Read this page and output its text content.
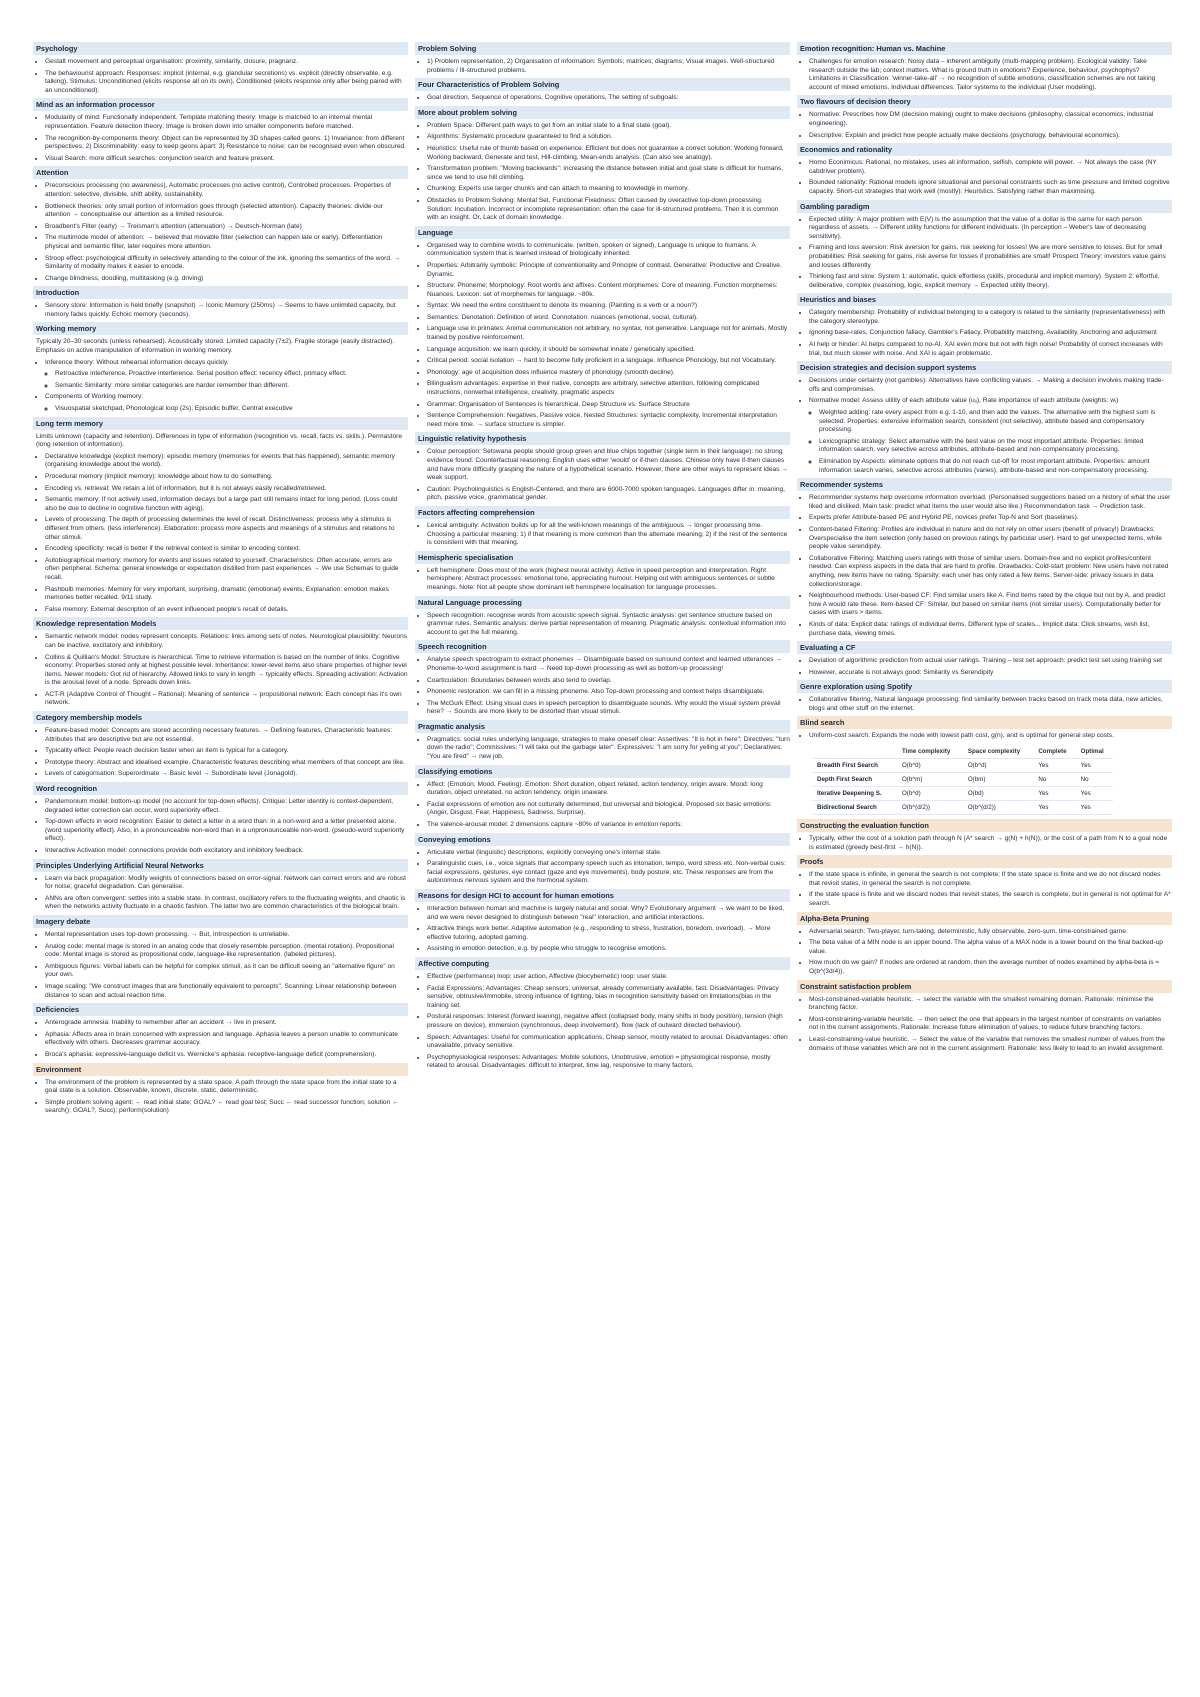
Psychology
• Gestalt movement and perceptual organisation: proximity, similarity, closure, pragnanz.
• The behaviourist approach: Responses: implicit (internal, e.g. glandular secretions) vs. explicit (directly observable, e.g. talking). Stimulus: Unconditioned (elicits response all on its own), Conditioned (elicits response only after being paired with an unconditioned).
Mind as an information processor
• Modularity of mind: Functionally independent. Template matching theory: Image is matched to an internal mental representation. Feature detection theory: Image is broken down into smaller components before matched.
• The recognition-by-components theory: Object can be represented by 3D shapes called geons. 1) Invariance: from different perspectives; 2) Discriminability: easy to keep geons apart; 3) Resistance to noise: can be recognised even when obscured.
• Visual Search: more difficult searches: conjunction search and feature present.
Attention
• Preconscious processing (no awareness), Automatic processes (no active control), Controlled processes. Properties of attention: selective, divisible, shift ability, sustainability.
• Bottleneck theories: only small portion of information goes through (selected attention). Capacity theories: divide our attention → conceptualise our attention as a limited resource.
• Broadbent's Filter (early) → Treisman's attention (attenuation) → Deutsch-Norman (late)
• The multimode model of attention: → believed that movable filter (selection can happen late or early). Differentiation physical and semantic filter, later requires more attention.
• Stroop effect: psychological difficulty in selectively attending to the colour of the ink, ignoring the semantics of the word. → Similarity of modality makes it easier to encode.
• Change blindness, doodling, multitasking (e.g. driving)
Introduction
• Sensory store: Information is held briefly (snapshot) → Iconic Memory (250ms) → Seems to have unlimited capacity, but memory fades quickly. Echoic memory (seconds).
Working memory
Typically 20–30 seconds (unless rehearsed). Acoustically stored. Limited capacity (7±2). Fragile storage (easily distracted). Emphasis on active manipulation of information in working memory.
• Inference theory: Without rehearsal information decays quickly.
◦ Retroactive interference, Proactive interference. Serial position effect: recency effect, primacy effect.
◦ Semantic Similarity: more similar categories are harder remember than different.
• Components of Working memory:
◦ Visuospatial sketchpad, Phonological loop (2s), Episodic buffer, Central executive
Long term memory
Limits unknown (capacity and retention). Differences in type of information (recognition vs. recall, facts vs. skills.). Permastore (long retention of information).
• Declarative knowledge (explicit memory): episodic memory (memories for events that has happened), semantic memory (organising knowledge about the world).
• Procedural memory (implicit memory): knowledge about how to do something.
• Encoding vs. retrieval: We retain a lot of information, but it is not always easily recalled/retrieved.
• Semantic memory: If not actively used, information decays but a large part still remains intact for long period. (Loss could also be due to decline in cognitive function with aging).
• Levels of processing: The depth of processing determines the level of recall. Distinctiveness: process why a stimulus is different from others. (less interference). Elaboration: process more aspects and meanings of a stimulus and relations to other stimuli.
• Encoding specificity: recall is better if the retrieval context is similar to encoding context.
• Autobiographical memory: memory for events and issues related to yourself. Characteristics: Often accurate, errors are often peripheral. Schema: general knowledge or expectation distilled from past experiences → We use Schemas to guide recall.
• Flashbulb memories: Memory for very important, surprising, dramatic (emotional) events. Explanation: emotion makes memories better recalled. 9/11 study.
• False memory: External description of an event influenced people's recall of details.
Knowledge representation Models
• Semantic network model: nodes represent concepts. Relations: links among sets of notes. Neurological plausibility: Neurons can be inactive, excitatory and inhibitory.
• Collins & Quillian's Model: Structure is hierarchical. Time to retrieve information is based on the number of links. Cognitive economy: Properties stored only at highest possible level. Inheritance: lower-level items also share properties of higher level items. Newer models: Got rid of hierarchy. Allowed links to vary in length → typicality effects. Spreading activation: Activation is the arousal level of a node. Spreads down links.
• ACT-R (Adaptive Control of Thought – Rational): Meaning of sentence → propositional network. Each concept has it's own network.
Category membership models
• Feature-based model: Concepts are stored according necessary features. → Defining features, Characteristic features: Attributes that are descriptive but are not essential.
• Typicality effect: People reach decision faster when an item is typical for a category.
• Prototype theory: Abstract and idealised example. Characteristic features describing what members of that concept are like.
• Levels of categorisation: Superordinate → Basic level → Subordinate level (Jonagold).
Word recognition
• Pandemonium model: bottom-up model (no account for top-down effects). Critique: Letter identity is context-dependent, degraded letter correction can occur, word superiority effect.
• Top-down effects in word recognition: Easier to detect a letter in a word than: in a non-word and a letter presented alone. (word superiority effect). Also, in a pronounceable non-word than in a unpronounceable non-word. (pseudo-word superiority effect).
• Interactive Activation model: connections provide both excitatory and inhibitory feedback.
Principles Underlying Artificial Neural Networks
• Learn via back propagation: Modify weights of connections based on error-signal. Network can correct errors and are robust for noise; graceful degradation. Can generalise.
• ANNs are often convergent: settles into a stable state. In contrast, oscillatory refers to the fluctuating weights, and chaotic is when the networks activity fluctuate in a chaotic fashion. The latter two are common characteristics of the biological brain.
Imagery debate
• Mental representation uses top-down processing. → But, Introspection is unreliable.
• Analog code: mental mage is stored in an analog code that closely resemble perception. (mental rotation). Propositional code: Mental image is stored as propositional code, language-like representation. (labeled pictures).
• Ambiguous figures: Verbal labels can be helpful for complex stimuli, as it can be difficult seeing an "alternative figure" on your own.
• Image scaling: "We construct images that are functionally equivalent to percepts". Scanning: Linear relationship between distance to scan and actual reaction time.
Deficiencies
• Anterograde amnesia: Inability to remember after an accident → live in present.
• Aphasia: Affects area in brain concerned with expression and language. Aphasia leaves a person unable to communicate effectively with others. Decreases grammar accuracy.
• Broca's aphasia: expressive-language deficit vs. Wernicke's aphasia: receptive-language deficit (comprehension).
Environment
• The environment of the problem is represented by a state space. A path through the state space from the initial state to a goal state is a solution. Observable, known, discrete, static, deterministic.
• Simple problem solving agent: ← read initial state; GOAL? ← read goal test; Succ ← read successor function; solution ← search(); GOAL?, Succ); perform(solution)
Problem Solving
• 1) Problem representation, 2) Organisation of information: Symbols; matrices; diagrams; Visual images. Well-structured problems / Ill-structured problems.
Four Characteristics of Problem Solving
• Goal direction, Sequence of operations, Cognitive operations, The setting of subgoals:
More about problem solving
• Problem Space: Different path ways to get from an initial state to a final state (goal).
• Algorithms: Systematic procedure guaranteed to find a solution.
• Heuristics: Useful rule of thumb based on experience. Efficient but does not guarantee a correct solution: Working forward, Working backward, Generate and test, Hill-climbing, Mean-ends analysis. (Can also see analogy).
• Transformation problem: "Moving backwards": increasing the distance between initial and goal state is difficult for humans, since we tend to use hill climbing.
• Chunking: Experts use larger chunks and can attach to meaning to knowledge in memory.
• Obstacles to Problem Solving: Mental Set, Functional Fixedness: Often caused by overactive top-down processing. Solution: Incubation. Incorrect or incomplete representation: often the case for ill-structured problems. Then it is common with an insight. Or, Lack of domain knowledge.
Language
• Organised way to combine words to communicate. (written, spoken or signed), Language is unique to humans. A communication system that is learned instead of biologically inherited.
• Properties: Arbitrarily symbolic: Principle of conventionality and Principle of contrast. Generative: Productive and Creative. Dynamic.
• Structure: Phoneme; Morphology: Root words and affixes. Content morphemes: Core of meaning. Function morphemes: Nuances. Lexicon: set of morphemes for language. ~80k.
• Syntax: We need the entire constituent to denote its meaning. (Painting is a verb or a noun?)
• Semantics: Denotation: Definition of word. Connotation: nuances (emotional, social, cultural).
• Language use in primates: Animal communication not arbitrary, no syntax, not generative. Language not for animals. Mostly trained by positive reinforcement.
• Language acquisition: we learn quickly, it should be somewhat innate / genetically specified.
• Critical period: social isolation → hard to become fully proficient in a language. Influence Phonology, but not Vocabulary.
• Phonology: age of acquisition does influence mastery of phonology (smooth decline).
• Bilingualism advantages: expertise in their native, concepts are arbitrary, selective attention, following complicated instructions, nonverbal intelligence, creativity, pragmatic aspects
• Grammar: Organisation of Sentences is hierarchical. Deep Structure vs. Surface Structure
• Sentence Comprehension: Negatives, Passive voice, Nested Structures: syntactic complexity, Incremental interpretation need more time. → surface structure is simpler.
Linguistic relativity hypothesis
• Colour perception: Setswana people should group green and blue chips together (single term in their language): no strong evidence found. Counterfactual reasoning: English uses either 'would' or if-then clauses. Chinese only have if-then clauses and have more difficulty grasping the nature of a hypothetical scenario. However, there are other ways to represent ideas → weak support.
• Caution: Psycholinguistics is English-Centered, and there are 6000-7000 spoken languages. Languages differ in: meaning, pitch, passive voice, grammatical gender.
Factors affecting comprehension
• Lexical ambiguity: Activation builds up for all the well-known meanings of the ambiguous → longer processing time. Choosing a particular meaning: 1) if that meaning is more common than the alternate meaning; 2) if the rest of the sentence is consistent with that meaning.
Hemispheric specialisation
• Left hemisphere: Does most of the work (highest neural activity). Active in speed perception and interpretation. Right hemisphere: Abstract processes: emotional tone, appreciating humour. Helping out with ambiguous sentences or subtle meanings. Note: Not all people show dominant left hemisphere localisation for language processes.
Natural Language processing
• Speech recognition: recognise words from acoustic speech signal. Syntactic analysis: get sentence structure based on grammar rules. Semantic analysis: derive partial representation of meaning. Pragmatic analysis: contextual information into account to get the full meaning.
Speech recognition
• Analyse speech spectrogram to extract phonemes → Disambiguate based on surround context and learned utterances → Phoneme-to-word assignment is hard → Need top-down processing as well as bottom-up processing!
• Coarticulation: Boundaries between words also tend to overlap.
• Phonemic restoration: we can fill in a missing phoneme. Also Top-down processing and context helps disambiguate.
• The McGurk Effect: Using visual cues in speech perception to disambiguate sounds. Why would the visual system prevail here? → Sounds are more likely to be distorted than visual stimuli.
Pragmatic analysis
• Pragmatics: social rules underlying language, strategies to make oneself clear: Assertives: "It is hot in here"; Directives: "turn down the radio"; Commissives: "I will take out the garbage later". Expressives: "I am sorry for yelling at you"; Declaratives: "You are fired" → new job.
Classifying emotions
• Affect: (Emotion, Mood, Feeling). Emotion: Short duration, object related, action tendency, origin aware. Mood: long duration, object unrelated, no action tendency, origin unaware.
• Facial expressions of emotion are not culturally determined, but universal and biological. Proposed six basic emotions: (Anger, Disgust, Fear, Happiness, Sadness, Surprise).
• The valence-arousal model: 2 dimensions capture ~80% of variance in emotion reports:
Conveying emotions
• Articulate verbal (linguistic) descriptions, explicitly conveying one's internal state.
• Paralinguistic cues, i.e., voice signals that accompany speech such as intonation, tempo, word stress etc. Non-verbal cues: facial expressions, gestures, eye contact (gaze and eye movements), body posture, etc. These responses are from the autonomous nervous system and the hormonal system.
Reasons for design HCI to account for human emotions
• Interaction between human and machine is largely natural and social. Why? Evolutionary argument → we want to be liked, and we were never designed to distinguish between "real" interaction, and artificial interactions.
• Attractive things work better. Adaptive automation (e.g., responding to stress, frustration, boredom, overload). → More effective tutoring, adopted gaming.
• Assisting in emotion detection, e.g. by people who struggle to recognise emotions.
Affective computing
• Effective (performance) loop: user action, Affective (biocybernetic) loop: user state.
• Facial Expressions: Advantages: Cheap sensors, universal, already commercially available, fast. Disadvantages: Privacy sensitive, obtrusive/immobile, strong influence of lighting, bias in recognition sensitivity based on limitations(bias in the training set.
• Postural responses: Interest (forward leaning), negative affect (collapsed body, many shifts in body position), tension (high pressure on device), immersion (synchronous, deep involvement), flow (lack of outward directed behaviour).
• Speech: Advantages: Useful for communication applications, Cheap sensor, mostly related to arousal. Disadvantages: often unavailable, privacy sensitive.
• Psychophysiological responses: Advantages: Mobile solutions, Unobtrusive, emotion = physiological response, mostly related to arousal. Disadvantages: difficult to interpret, time lag, responsive to many factors.
Emotion recognition: Human vs. Machine
• Challenges for emotion research: Noisy data – inherent ambiguity (multi-mapping problem). Ecological validity: Take research outside the lab; context matters. What is ground truth in emotions? Experience, behaviour, psychophys? Limitations in Classification: 'winner-take-all' → no recognition of subtle emotions, classification schemes are not taking account of mixed emotions. Individual differences: Tailor systems to the individual (User modeling).
Two flavours of decision theory
• Normative: Prescribes how DM (decision making) ought to make decisions (philosophy, classical economics, industrial engineering).
• Descriptive: Explain and predict how people actually make decisions (psychology, behavioural economics).
Economics and rationality
• Homo Econimicus: Rational, no mistakes, uses all information, selfish, complete will power. → Not always the case (NY cabdriver problem).
• Bounded rationality: Rational models ignore situational and personal constraints such as time pressure and limited cognitive capacity. Short-cut strategies that work well (mostly): Heuristics. Satisfying rather than maximising.
Gambling paradigm
• Expected utility: A major problem with E(V) is the assumption that the value of a dollar is the same for each person regardless of assets. → Different utility functions for different individuals. (In perception – Weber's law of decreasing sensitivity).
• Framing and loss aversion: Risk aversion for gains, risk seeking for losses! We are more sensitive to losses. But for small probabilities: Risk seeking for gains, risk averse for losses if probabilities are small! Prospect Theory: investors value gains and losses differently
• Thinking fast and slow: System 1: automatic, quick effortless (skills, procedural and implicit memory). System 2: effortful, deliberative, complex (reasoning, logic, explicit memory → Expected utility theory).
Heuristics and biases
• Category membership: Probability of individual belonging to a category is related to the similarity (representativeness) with the category stereotype.
• Ignoring base-rates, Conjunction fallacy, Gambler's Fallacy, Probability matching, Availability, Anchoring and adjustment
• AI help or hinder: AI helps compared to no-AI. XAI even more but not with high noise! Probability of correct increases with trial, but much slower with noise. And XAI is again problematic.
Decision strategies and decision support systems
• Decisions under certainty (not gambles): Alternatives have conflicting values. → Making a decision involves making trade-offs and compromises.
• Normative model: Assess utility of each attribute value (uᵢⱼ), Rate importance of each attribute (weights: wⱼ)
◦ Weighted adding: rate every aspect from e.g. 1-10, and then add the values. The alternative with the highest sum is selected. Properties: extensive information search, consistent (not selective), attribute based and compensatory processing.
◦ Lexicographic strategy: Select alternative with the best value on the most important attribute. Properties: limited information search, very selective across attributes, attribute-based and non-compensatory processing.
◦ Elimination by Aspects: eliminate options that do not reach cut-off for most important attribute. Properties: amount information search varies, selective across attributes (varies), attribute-based and non-compensatory processing.
Recommender systems
• Recommender systems help overcome information overload. (Personalised suggestions based on a history of what the user liked and disliked, Main task: predict what items the user would also like.) Recommendation task → Prediction task.
• Experts prefer Attribute-based PE and Hybrid PE, novices prefer Top-N and Sort (baselines).
• Content-based Filtering: Profiles are individual in nature and do not rely on other users (benefit of privacy!) Drawbacks: Overspecialise the item selection (only based on previous ratings by particular user). Hard to get unexpected items, while people value serendipity.
• Collaborative Filtering: Matching users ratings with those of similar users. Domain-free and no explicit profiles/content needed. Can express aspects in the data that are hard to profile. Drawbacks: Cold-start problem: New users have not rated anything, new items have no rating. Sparsity: each user has only rated a few items. Server-side: privacy issues in data collection/storage.
• Neighbourhood methods: User-based CF: Find similar users like A. Find items rated by the clique but not by A, and predict how A would rate these. Item-based CF: Similar, but based on similar items (not similar users). Computationally better for cases with users > items.
• Kinds of data: Explicit data: ratings of individual items. Different type of scales... Implicit data: Click streams, wish list, purchase data, viewing times.
Evaluating a CF
• Deviation of algorithmic prediction from actual user ratings. Training – test set approach: predict test set using training set
• However, accurate is not always good: Similarity vs Serendipity
Genre exploration using Spotify
• Collaborative filtering, Natural language processing: find similarity between tracks based on track meta data, new articles, blogs and other stuff on the internet.
Blind search
• Uniform-cost search: Expands the node with lowest path cost, g(n), and is optimal for general step costs.
	Time complexity	Space complexity	Complete	Optimal
Breadth First Search	O(b^d)	O(b^d)	Yes	Yes
Depth First Search	O(b^m)	O(bm)	No	No
Iterative Deepening S.	O(b^d)	O(bd)	Yes	Yes
Bidirectional Search	O(b^(d/2))	O(b^(d/2))	Yes	Yes
Constructing the evaluation function
• Typically, either the cost of a solution path through N (A* search → g(N) + h(N)), or the cost of a path from N to a goal node is estimated (greedy best-first → h(N)).
Proofs
• If the state space is infinite, in general the search is not complete; If the state space is finite and we do not discard nodes that revisit states, in general the search is not complete.
• If the state space is finite and we discard nodes that revisit states, the search is complete, but in general is not optimal for A* search.
Alpha-Beta Pruning
• Adversarial search: Two-player, turn-taking, deterministic, fully observable, zero-sum, time-constrained game.
• The beta value of a MIN node is an upper bound. The alpha value of a MAX node is a lower bound on the final backed-up value.
• How much do we gain? If nodes are ordered at random, then the average number of nodes examined by alpha-beta is ≈ O(b^(3d/4)).
Constraint satisfaction problem
• Most-constrained-variable heuristic. → select the variable with the smallest remaining domain. Rationale: minimise the branching factor.
• Most-constraining-variable heuristic. → then select the one that appears in the largest number of constraints on variables not in the current assignments. Rationale: Increase future elimination of values, to reduce future branching factors.
• Least-constraining-value heuristic. → Select the value of the variable that removes the smallest number of values from the domains of those variables which are not in the current assignment. Rationale: less likely to lead to an invalid assignment.
